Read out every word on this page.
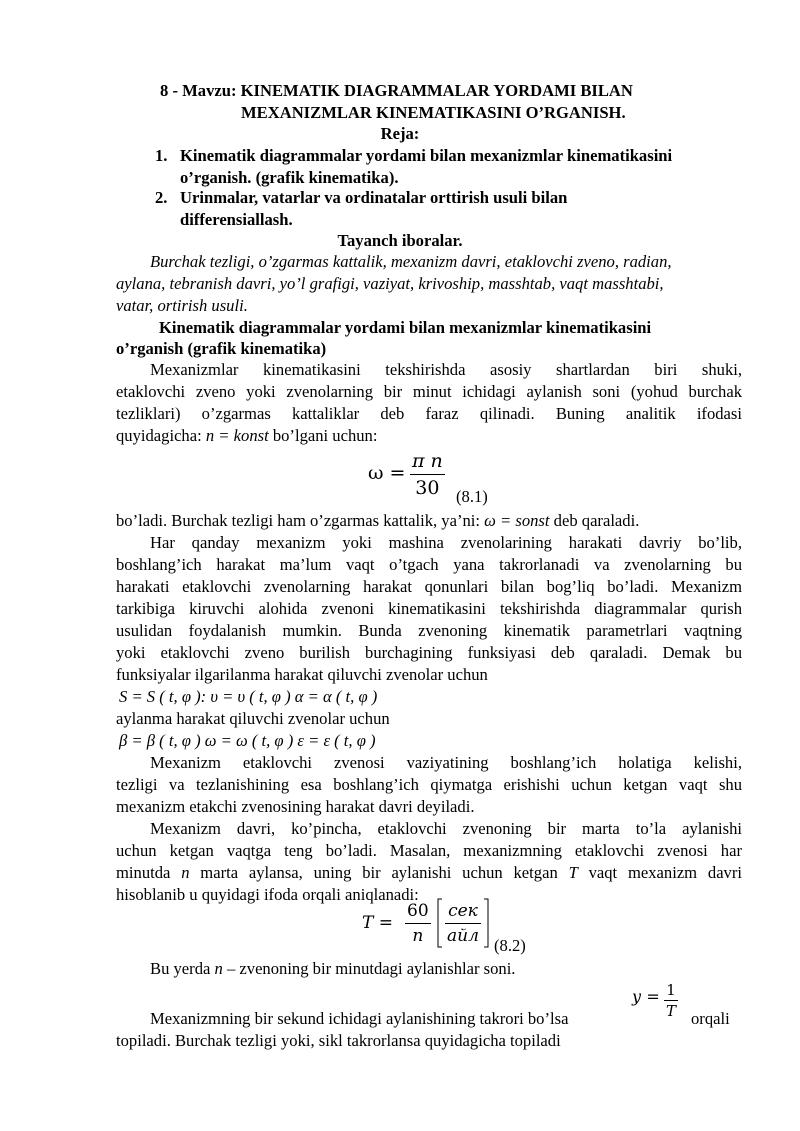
8 - Mavzu: KINEMATIK DIAGRAMMALAR YORDAMI BILAN
MEXANIZMLAR KINEMATIKASINI O’RGANISH.
Reja:
1. Kinematik diagrammalar yordami bilan mexanizmlar kinematikasini
o’rganish. (grafik kinematika).
2. Urinmalar, vatarlar va ordinatalar orttirish usuli bilan
differensiallash.
Tayanch iboralar.
Burchak tezligi, o’zgarmas kattalik, mexanizm davri, etaklovchi zveno, radian,
aylana, tebranish davri, yo’l grafigi, vaziyat, krivoship, masshtab, vaqt masshtabi,
vatar, ortirish usuli.
Kinematik diagrammalar yordami bilan mexanizmlar kinematikasini
o’rganish (grafik kinematika)
Mexanizmlar kinematikasini tekshirishda asosiy shartlardan biri shuki,
etaklovchi zveno yoki zvenolarning bir minut ichidagi aylanish soni (yohud burchak
tezliklari) o’zgarmas kattaliklar deb faraz qilinadi. Buning analitik ifodasi
quyidagicha: n = konst bo’lgani uchun:
$\omega = \frac{\text{π n}}{30} (8.1)$
bo’ladi. Burchak tezligi ham o’zgarmas kattalik, ya’ni: ω = sonst deb qaraladi.
Har qanday mexanizm yoki mashina zvenolarining harakati davriy bo’lib,
boshlang’ich harakat ma’lum vaqt o’tgach yana takrorlanadi va zvenolarning bu
harakati etaklovchi zvenolarning harakat qonunlari bilan bog’liq bo’ladi. Mexanizm
tarkibiga kiruvchi alohida zvenoni kinematikasini tekshirishda diagrammalar qurish
usulidan foydalanish mumkin. Bunda zvenoning kinematik parametrlari vaqtning
yoki etaklovchi zveno burilish burchagining funksiyasi deb qaraladi. Demak bu
funksiyalar ilgarilanma harakat qiluvchi zvenolar uchun
S = S ( t, φ ): υ = υ ( t, φ ) α = α ( t, φ )
aylanma harakat qiluvchi zvenolar uchun
β = β ( t, φ ) ω = ω ( t, φ ) ε = ε ( t, φ )
Mexanizm etaklovchi zvenosi vaziyatining boshlang’ich holatiga kelishi,
tezligi va tezlanishining esa boshlang’ich qiymatga erishishi uchun ketgan vaqt shu
mexanizm etakchi zvenosining harakat davri deyiladi.
Mexanizm davri, ko’pincha, etaklovchi zvenoning bir marta to’la aylanishi
uchun ketgan vaqtga teng bo’ladi. Masalan, mexanizmning etaklovchi zvenosi har
minutda n marta aylansa, uning bir aylanishi uchun ketgan T vaqt mexanizm davri
hisoblanib u quyidagi ifoda orqali aniqlanadi:
$T = \frac{60}{n}$ сек
айл (8.2)
Bu yerda n – zvenoning bir minutdagi aylanishlar soni.
$у = \frac{1}{T}$
Mexanizmning bir sekund ichidagi aylanishining takrori bo’lsa	orqali
topiladi. Burchak tezligi yoki, sikl takrorlansa quyidagicha topiladi
